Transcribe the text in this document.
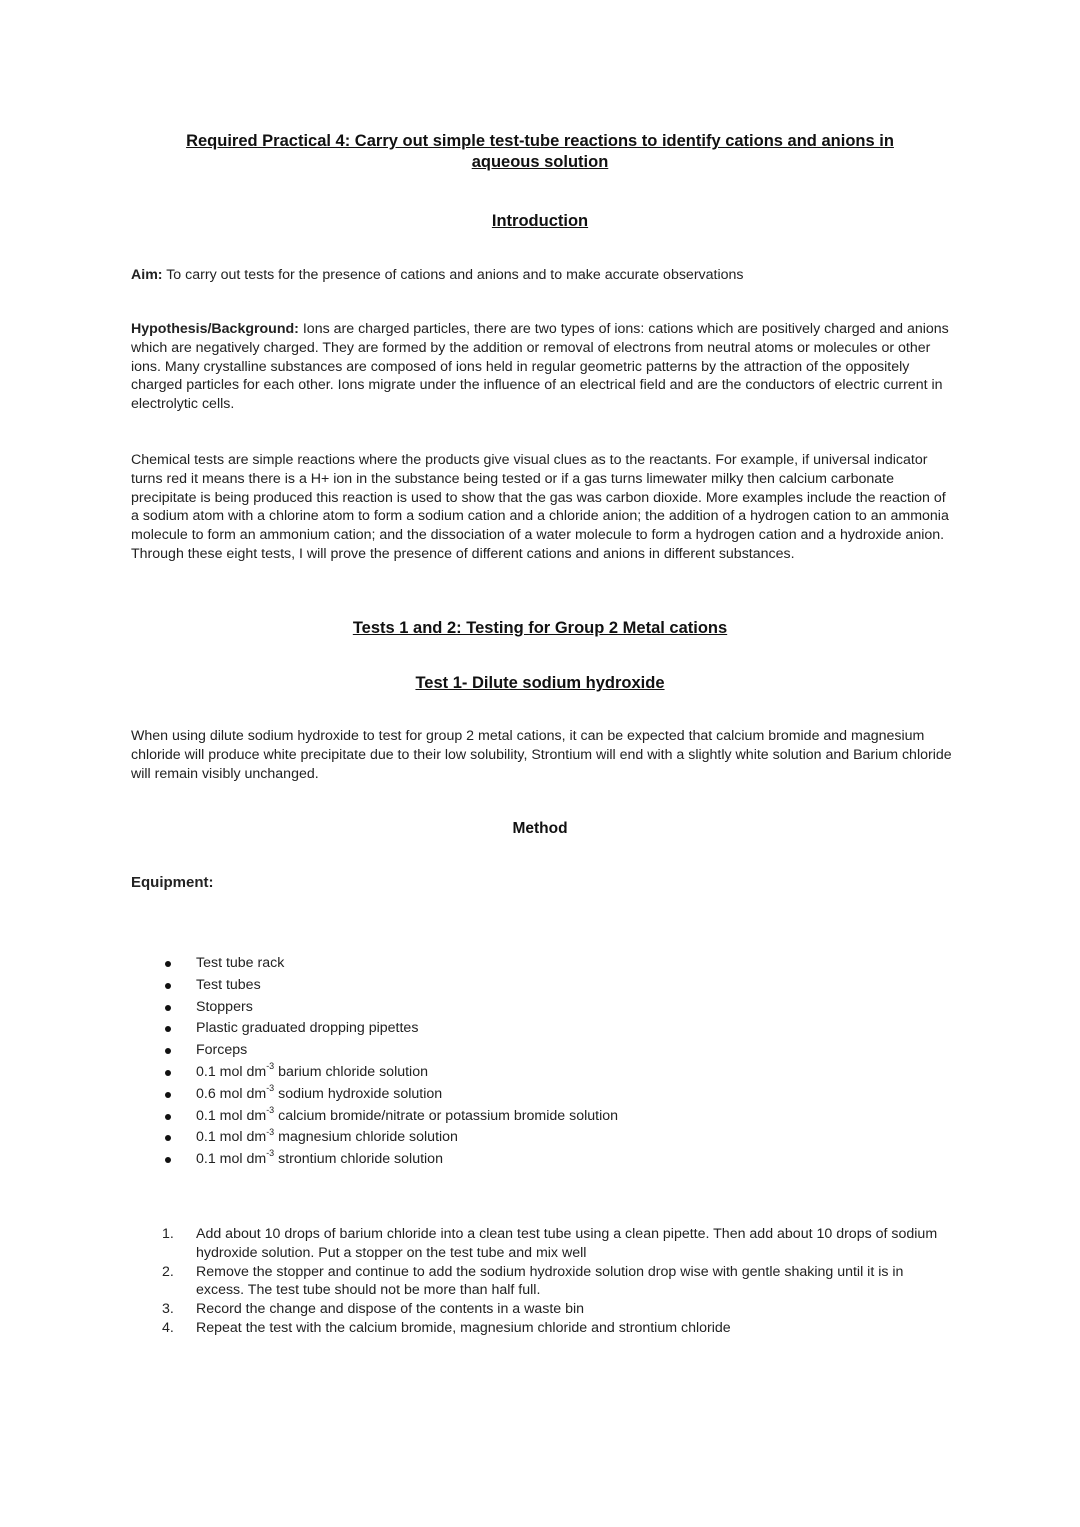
Required Practical 4: Carry out simple test-tube reactions to identify cations and anions in
aqueous solution
Introduction

Aim: To carry out tests for the presence of cations and anions and to make accurate observations

Hypothesis/Background: Ions are charged particles, there are two types of ions: cations which are positively charged and anions which are negatively charged. They are formed by the addition or removal of electrons from neutral atoms or molecules or other ions. Many crystalline substances are composed of ions held in regular geometric patterns by the attraction of the oppositely charged particles for each other. Ions migrate under the influence of an electrical field and are the conductors of electric current in electrolytic cells.

Chemical tests are simple reactions where the products give visual clues as to the reactants. For example, if universal indicator turns red it means there is a H+ ion in the substance being tested or if a gas turns limewater milky then calcium carbonate precipitate is being produced this reaction is used to show that the gas was carbon dioxide. More examples include the reaction of a sodium atom with a chlorine atom to form a sodium cation and a chloride anion; the addition of a hydrogen cation to an ammonia molecule to form an ammonium cation; and the dissociation of a water molecule to form a hydrogen cation and a hydroxide anion. Through these eight tests, I will prove the presence of different cations and anions in different substances.

Tests 1 and 2: Testing for Group 2 Metal cations
Test 1- Dilute sodium hydroxide

When using dilute sodium hydroxide to test for group 2 metal cations, it can be expected that calcium bromide and magnesium chloride will produce white precipitate due to their low solubility, Strontium will end with a slightly white solution and Barium chloride will remain visibly unchanged.

Method
Equipment:
Test tube rack
Test tubes
Stoppers
Plastic graduated dropping pipettes
Forceps
0.1 mol $dm^{-3}$ barium chloride solution
0.6 mol $dm^{-3}$ sodium hydroxide solution
0.1 mol $dm^{-3}$ calcium bromide/nitrate or potassium bromide solution
0.1 mol $dm^{-3}$ magnesium chloride solution
0.1 mol $dm^{-3}$ strontium chloride solution
1. Add about 10 drops of barium chloride into a clean test tube using a clean pipette. Then add about 10 drops of sodium hydroxide solution. Put a stopper on the test tube and mix well
2. Remove the stopper and continue to add the sodium hydroxide solution drop wise with gentle shaking until it is in excess. The test tube should not be more than half full.
3. Record the change and dispose of the contents in a waste bin
4. Repeat the test with the calcium bromide, magnesium chloride and strontium chloride
